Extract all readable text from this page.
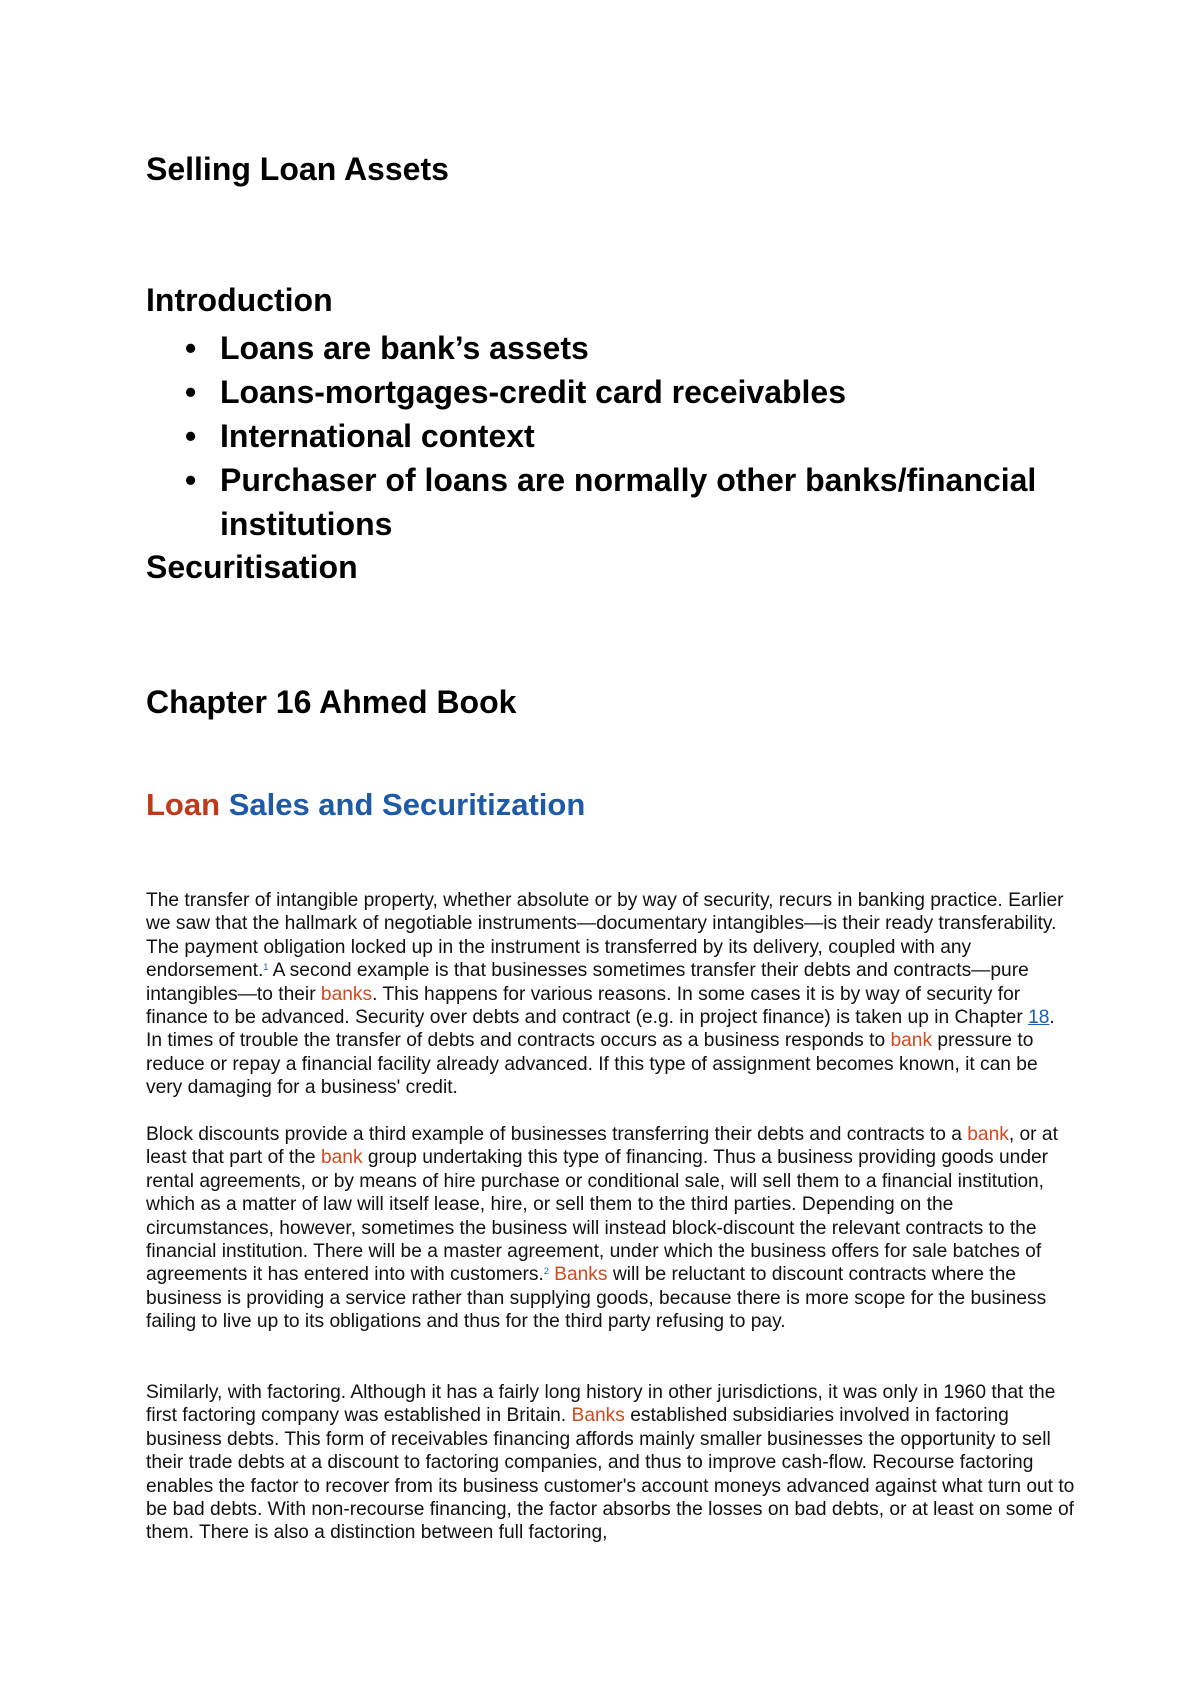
Selling Loan Assets
Introduction
• Loans are bank’s assets
• Loans-mortgages-credit card receivables
• International context
• Purchaser of loans are normally other banks/financial institutions
Securitisation
Chapter 16 Ahmed Book
Loan Sales and Securitization

The transfer of intangible property, whether absolute or by way of security, recurs in banking practice. Earlier we saw that the hallmark of negotiable instruments—documentary intangibles—is their ready transferability. The payment obligation locked up in the instrument is transferred by its delivery, coupled with any endorsement.$^1$ A second example is that businesses sometimes transfer their debts and contracts—pure intangibles—to their banks. This happens for various reasons. In some cases it is by way of security for finance to be advanced. Security over debts and contract (e.g. in project finance) is taken up in Chapter 18. In times of trouble the transfer of debts and contracts occurs as a business responds to bank pressure to reduce or repay a financial facility already advanced. If this type of assignment becomes known, it can be very damaging for a business' credit.

Block discounts provide a third example of businesses transferring their debts and contracts to a bank, or at least that part of the bank group undertaking this type of financing. Thus a business providing goods under rental agreements, or by means of hire purchase or conditional sale, will sell them to a financial institution, which as a matter of law will itself lease, hire, or sell them to the third parties. Depending on the circumstances, however, sometimes the business will instead block-discount the relevant contracts to the financial institution. There will be a master agreement, under which the business offers for sale batches of agreements it has entered into with customers.$^2$ Banks will be reluctant to discount contracts where the business is providing a service rather than supplying goods, because there is more scope for the business failing to live up to its obligations and thus for the third party refusing to pay.

Similarly, with factoring. Although it has a fairly long history in other jurisdictions, it was only in 1960 that the first factoring company was established in Britain. Banks established subsidiaries involved in factoring business debts. This form of receivables financing affords mainly smaller businesses the opportunity to sell their trade debts at a discount to factoring companies, and thus to improve cash-flow. Recourse factoring enables the factor to recover from its business customer's account moneys advanced against what turn out to be bad debts. With non-recourse financing, the factor absorbs the losses on bad debts, or at least on some of them. There is also a distinction between full factoring,
